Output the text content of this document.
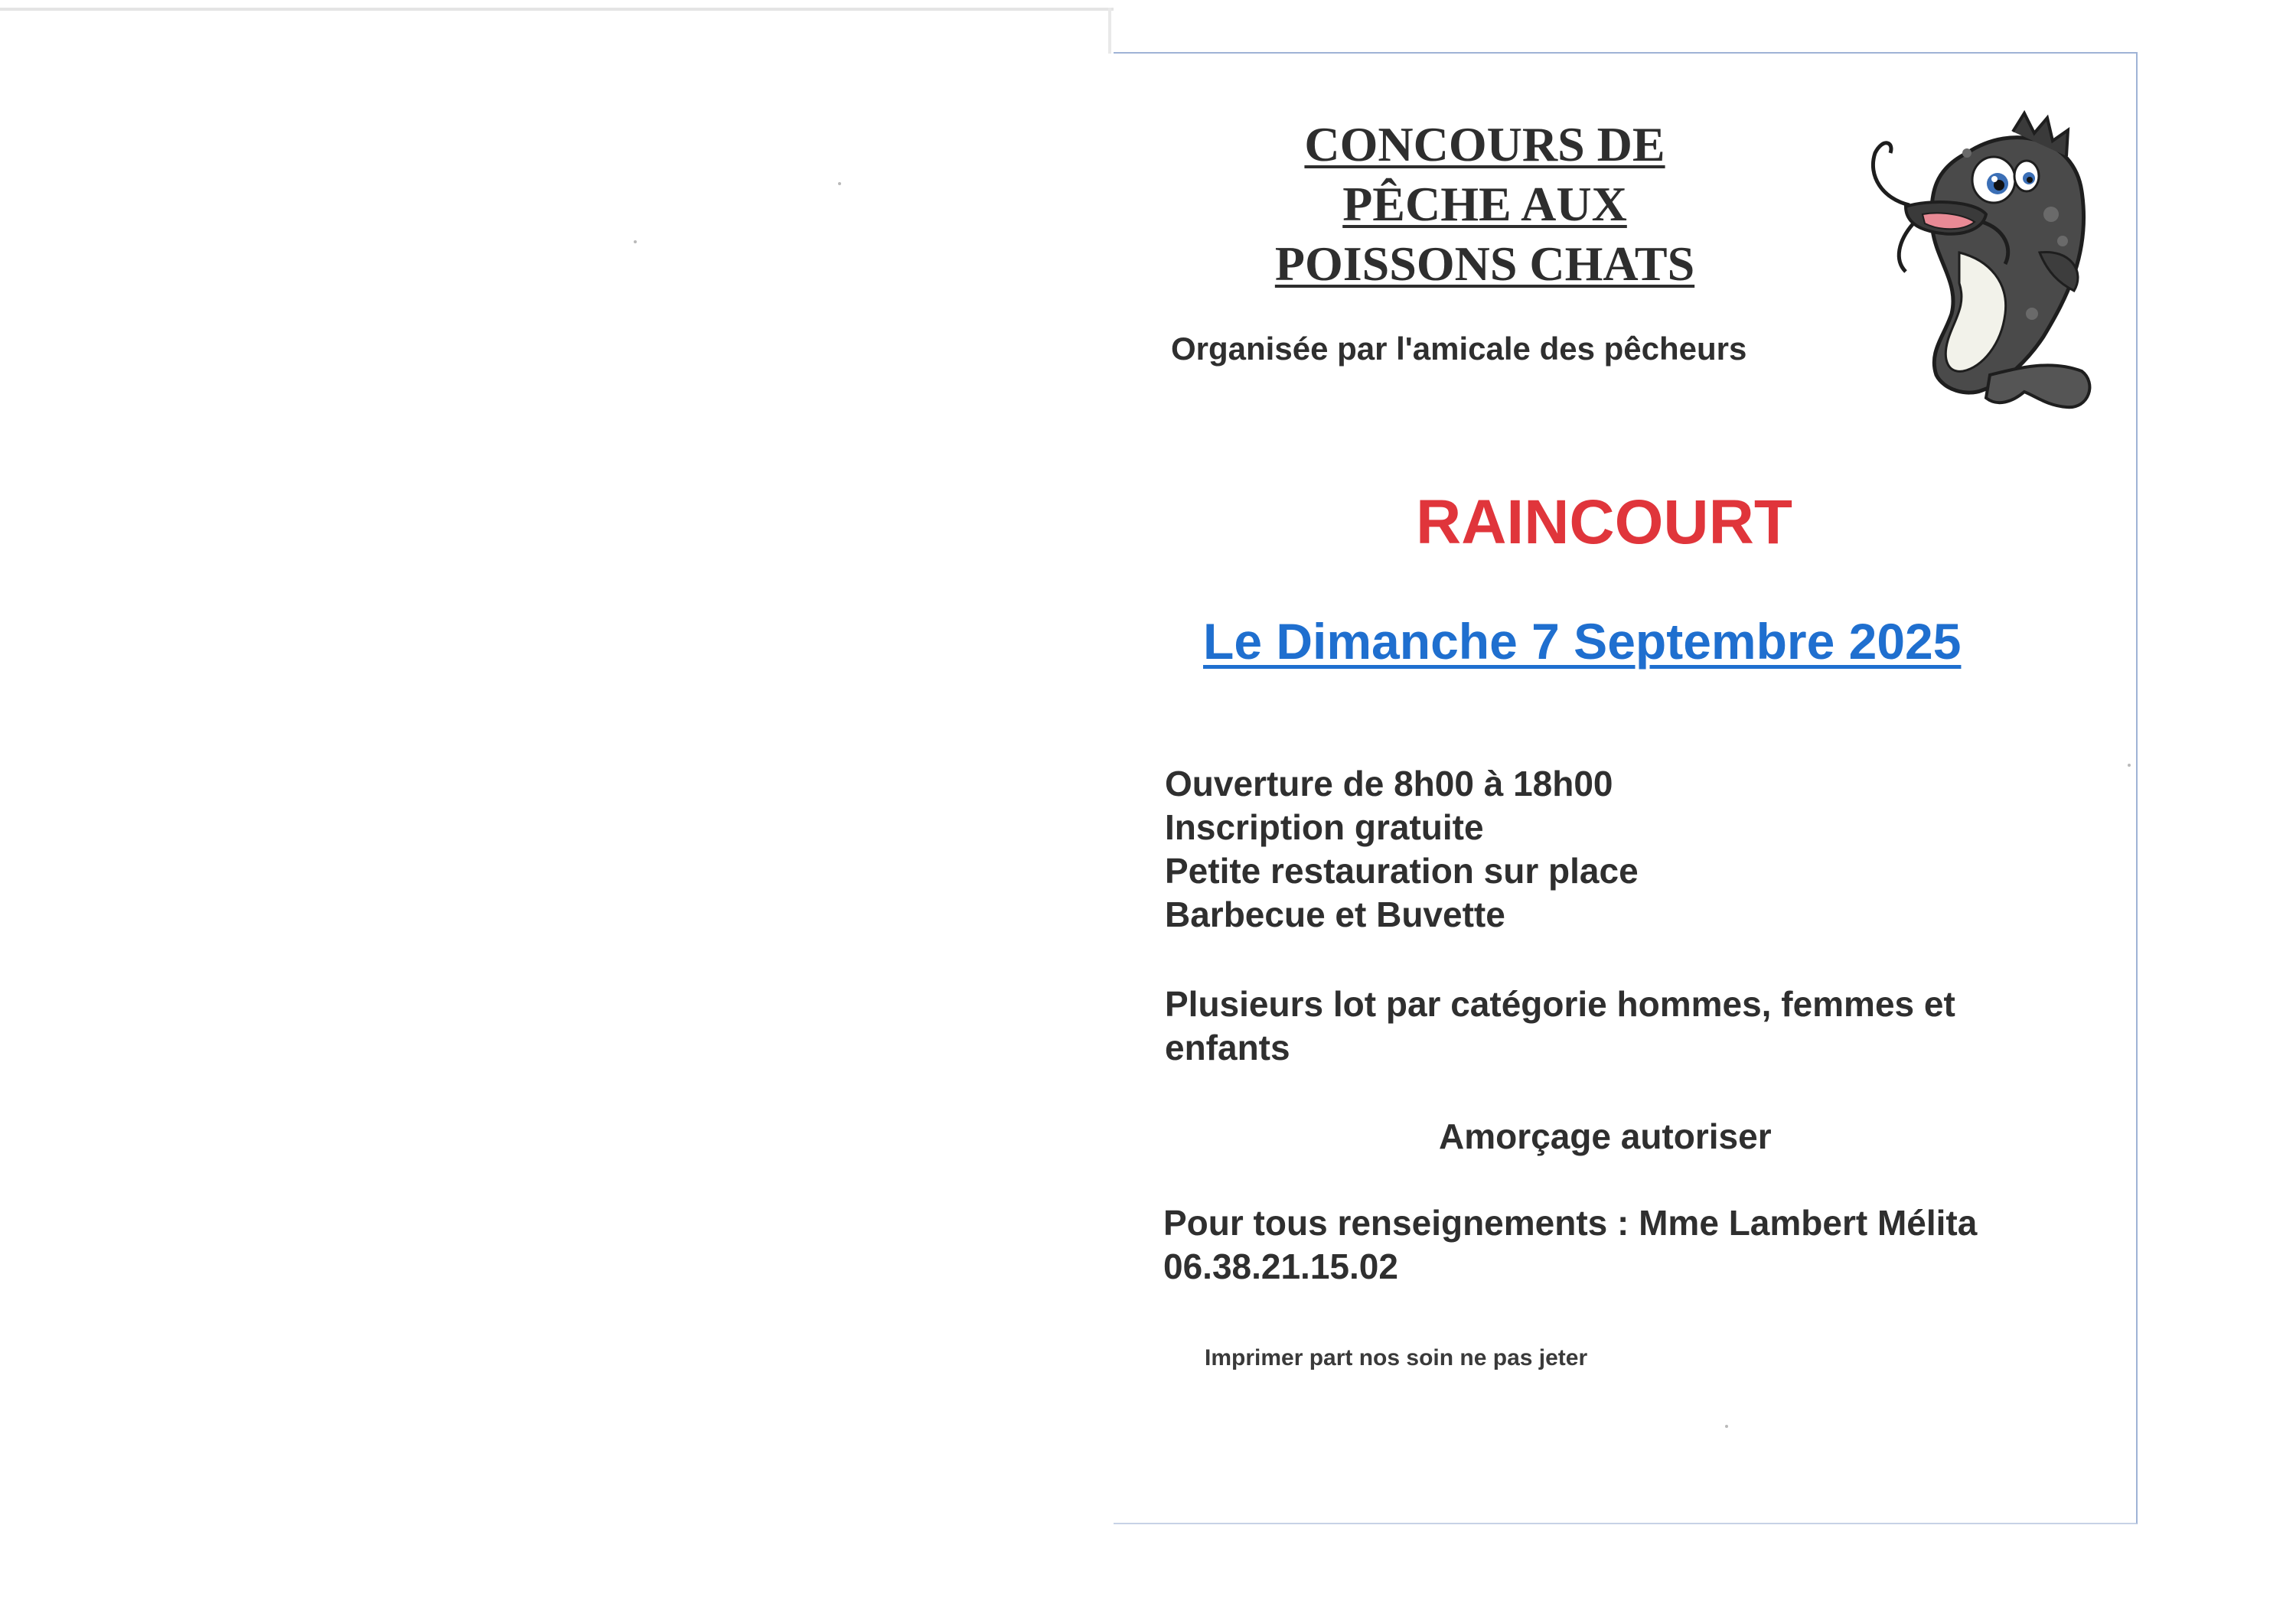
CONCOURS DE
PÊCHE AUX
POISSONS CHATS
Organisée par l'amicale des pêcheurs
RAINCOURT
Le Dimanche 7 Septembre 2025
Ouverture de 8h00 à 18h00
Inscription gratuite
Petite restauration sur place
Barbecue et Buvette
Plusieurs lot par catégorie hommes, femmes et enfants
Amorçage autoriser
Pour tous renseignements : Mme Lambert Mélita
06.38.21.15.02
Imprimer part nos soin ne pas jeter
